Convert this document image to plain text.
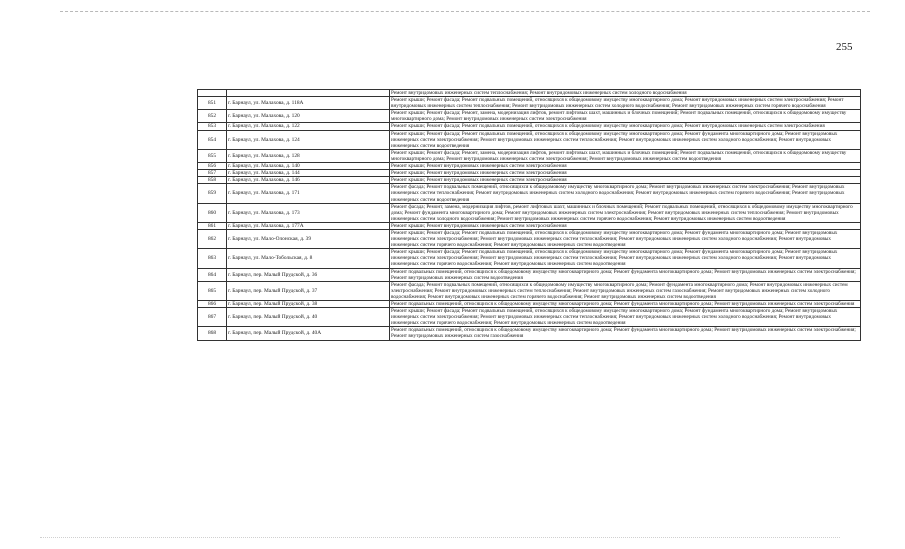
255
		Ремонт внутридомовых инженерных систем теплоснабжения; Ремонт внутридомовых инженерных систем холодного водоснабжения
851	г. Барнаул, ул. Малахова, д. 118А	Ремонт крыши; Ремонт фасада; Ремонт подвальных помещений, относящихся к общедомовому имуществу многоквартирного дома; Ремонт внутридомовых инженерных систем электроснабжения; Ремонт внутридомовых инженерных систем теплоснабжения; Ремонт внутридомовых инженерных систем холодного водоснабжения; Ремонт внутридомовых инженерных систем горячего водоснабжения
852	г. Барнаул, ул. Малахова, д. 120	Ремонт крыши; Ремонт фасада; Ремонт, замена, модернизация лифтов, ремонт лифтовых шахт, машинных и блочных помещений; Ремонт подвальных помещений, относящихся к общедомовому имуществу многоквартирного дома; Ремонт внутридомовых инженерных систем электроснабжения
853	г. Барнаул, ул. Малахова, д. 122	Ремонт крыши; Ремонт фасада; Ремонт подвальных помещений, относящихся к общедомовому имуществу многоквартирного дома; Ремонт внутридомовых инженерных систем электроснабжения
854	г. Барнаул, ул. Малахова, д. 124	Ремонт крыши; Ремонт фасада; Ремонт подвальных помещений, относящихся к общедомовому имуществу многоквартирного дома; Ремонт фундамента многоквартирного дома; Ремонт внутридомовых инженерных систем электроснабжения; Ремонт внутридомовых инженерных систем теплоснабжения; Ремонт внутридомовых инженерных систем холодного водоснабжения; Ремонт внутридомовых инженерных систем водоотведения
855	г. Барнаул, ул. Малахова, д. 128	Ремонт крыши; Ремонт фасада; Ремонт, замена, модернизация лифтов, ремонт лифтовых шахт, машинных и блочных помещений; Ремонт подвальных помещений, относящихся к общедомовому имуществу многоквартирного дома; Ремонт внутридомовых инженерных систем электроснабжения; Ремонт внутридомовых инженерных систем водоотведения
856	г. Барнаул, ул. Малахова, д. 140	Ремонт крыши; Ремонт внутридомовых инженерных систем электроснабжения
857	г. Барнаул, ул. Малахова, д. 144	Ремонт крыши; Ремонт внутридомовых инженерных систем электроснабжения
858	г. Барнаул, ул. Малахова, д. 146	Ремонт крыши; Ремонт внутридомовых инженерных систем электроснабжения
859	г. Барнаул, ул. Малахова, д. 171	Ремонт фасада; Ремонт подвальных помещений, относящихся к общедомовому имуществу многоквартирного дома; Ремонт внутридомовых инженерных систем электроснабжения; Ремонт внутридомовых инженерных систем теплоснабжения; Ремонт внутридомовых инженерных систем холодного водоснабжения; Ремонт внутридомовых инженерных систем горячего водоснабжения; Ремонт внутридомовых инженерных систем водоотведения
860	г. Барнаул, ул. Малахова, д. 173	Ремонт фасада; Ремонт, замена, модернизация лифтов, ремонт лифтовых шахт, машинных и блочных помещений; Ремонт подвальных помещений, относящихся к общедомовому имуществу многоквартирного дома; Ремонт фундамента многоквартирного дома; Ремонт внутридомовых инженерных систем электроснабжения; Ремонт внутридомовых инженерных систем теплоснабжения; Ремонт внутридомовых инженерных систем холодного водоснабжения; Ремонт внутридомовых инженерных систем горячего водоснабжения; Ремонт внутридомовых инженерных систем водоотведения
861	г. Барнаул, ул. Малахова, д. 177А	Ремонт крыши; Ремонт внутридомовых инженерных систем электроснабжения
862	г. Барнаул, ул. Мало-Олонская, д. 39	Ремонт крыши; Ремонт фасада; Ремонт подвальных помещений, относящихся к общедомовому имуществу многоквартирного дома; Ремонт фундамента многоквартирного дома; Ремонт внутридомовых инженерных систем электроснабжения; Ремонт внутридомовых инженерных систем теплоснабжения; Ремонт внутридомовых инженерных систем холодного водоснабжения; Ремонт внутридомовых инженерных систем горячего водоснабжения; Ремонт внутридомовых инженерных систем водоотведения
863	г. Барнаул, ул. Мало-Тобольская, д. 8	Ремонт крыши; Ремонт фасада; Ремонт подвальных помещений, относящихся к общедомовому имуществу многоквартирного дома; Ремонт фундамента многоквартирного дома; Ремонт внутридомовых инженерных систем электроснабжения; Ремонт внутридомовых инженерных систем теплоснабжения; Ремонт внутридомовых инженерных систем холодного водоснабжения; Ремонт внутридомовых инженерных систем горячего водоснабжения; Ремонт внутридомовых инженерных систем водоотведения
864	г. Барнаул, пер. Малый Прудской, д. 36	Ремонт подвальных помещений, относящихся к общедомовому имуществу многоквартирного дома; Ремонт фундамента многоквартирного дома; Ремонт внутридомовых инженерных систем электроснабжения; Ремонт внутридомовых инженерных систем водоотведения
865	г. Барнаул, пер. Малый Прудской, д. 37	Ремонт фасада; Ремонт подвальных помещений, относящихся к общедомовому имуществу многоквартирного дома; Ремонт фундамента многоквартирного дома; Ремонт внутридомовых инженерных систем электроснабжения; Ремонт внутридомовых инженерных систем теплоснабжения; Ремонт внутридомовых инженерных систем газоснабжения; Ремонт внутридомовых инженерных систем холодного водоснабжения; Ремонт внутридомовых инженерных систем горячего водоснабжения; Ремонт внутридомовых инженерных систем водоотведения
866	г. Барнаул, пер. Малый Прудской, д. 38	Ремонт подвальных помещений, относящихся к общедомовому имуществу многоквартирного дома; Ремонт фундамента многоквартирного дома; Ремонт внутридомовых инженерных систем электроснабжения
867	г. Барнаул, пер. Малый Прудской, д. 40	Ремонт крыши; Ремонт фасада; Ремонт подвальных помещений, относящихся к общедомовому имуществу многоквартирного дома; Ремонт фундамента многоквартирного дома; Ремонт внутридомовых инженерных систем электроснабжения; Ремонт внутридомовых инженерных систем теплоснабжения; Ремонт внутридомовых инженерных систем холодного водоснабжения; Ремонт внутридомовых инженерных систем горячего водоснабжения; Ремонт внутридомовых инженерных систем водоотведения
868	г. Барнаул, пер. Малый Прудской, д. 40А	Ремонт подвальных помещений, относящихся к общедомовому имуществу многоквартирного дома; Ремонт фундамента многоквартирного дома; Ремонт внутридомовых инженерных систем электроснабжения; Ремонт внутридомовых инженерных систем газоснабжения
